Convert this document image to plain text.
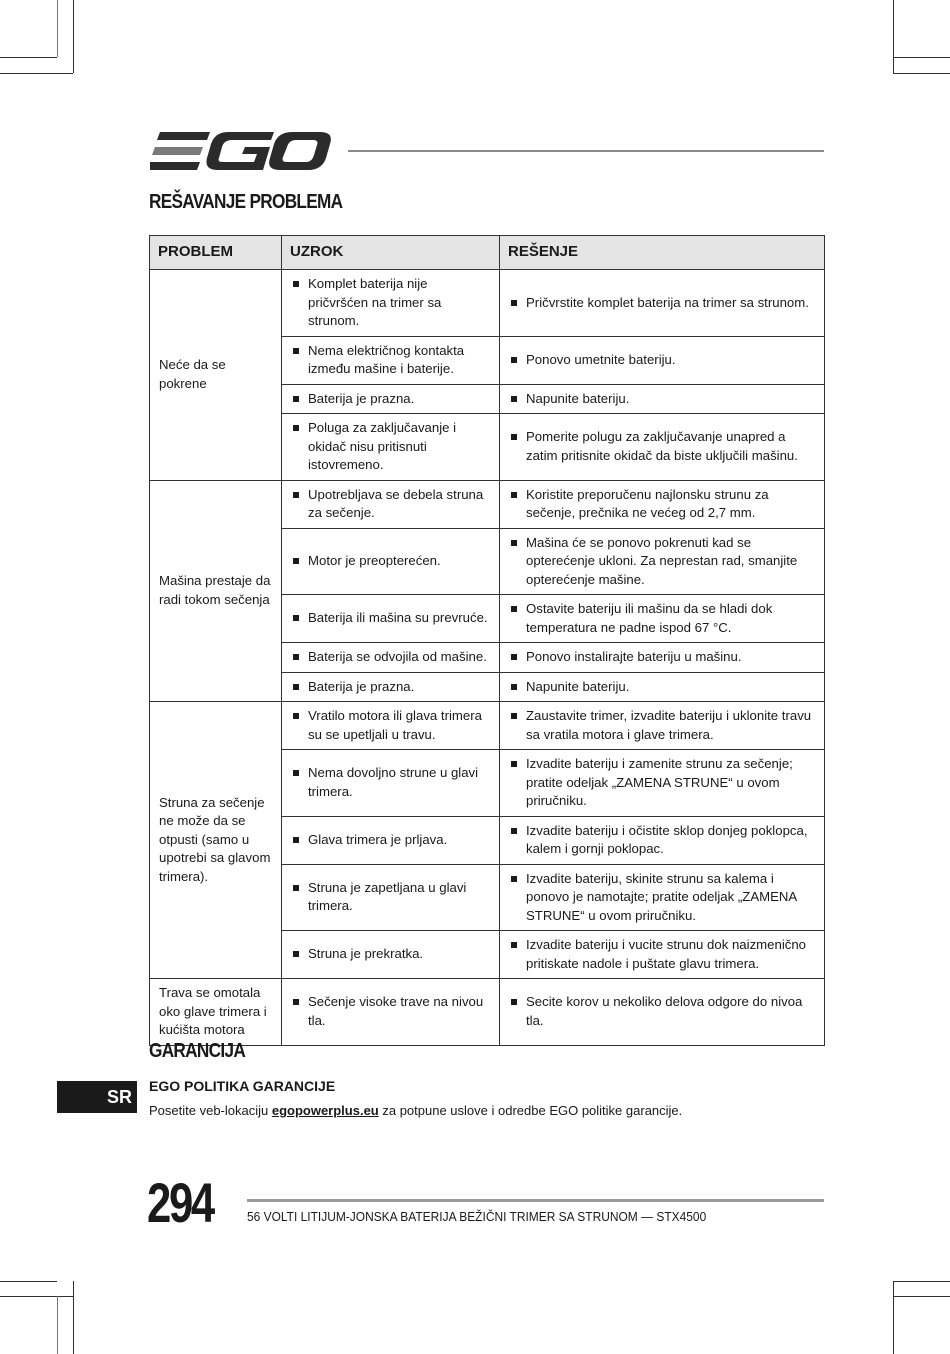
REŠAVANJE PROBLEMA
PROBLEM	UZROK	REŠENJE
Neće da se pokrene	Komplet baterija nije pričvršćen na trimer sa strunom.	Pričvrstite komplet baterija na trimer sa strunom.

	Nema električnog kontakta između mašine i baterije.	Ponovo umetnite bateriju.

	Baterija je prazna.	Napunite bateriju.

	Poluga za zaključavanje i okidač nisu pritisnuti istovremeno.	Pomerite polugu za zaključavanje unapred a zatim pritisnite okidač da biste uključili mašinu.

Mašina prestaje da radi tokom sečenja	Upotrebljava se debela struna za sečenje.	Koristite preporučenu najlonsku strunu za sečenje, prečnika ne većeg od 2,7 mm.

	Motor je preopterećen.	Mašina će se ponovo pokrenuti kad se opterećenje ukloni. Za neprestan rad, smanjite opterećenje mašine.

	Baterija ili mašina su prevruće.	Ostavite bateriju ili mašinu da se hladi dok temperatura ne padne ispod 67 °C.

	Baterija se odvojila od mašine.	Ponovo instalirajte bateriju u mašinu.

	Baterija je prazna.	Napunite bateriju.

Struna za sečenje ne može da se otpusti (samo u upotrebi sa glavom trimera).	Vratilo motora ili glava trimera su se upetljali u travu.	Zaustavite trimer, izvadite bateriju i uklonite travu sa vratila motora i glave trimera.

	Nema dovoljno strune u glavi trimera.	Izvadite bateriju i zamenite strunu za sečenje; pratite odeljak „ZAMENA STRUNE“ u ovom priručniku.

	Glava trimera je prljava.	Izvadite bateriju i očistite sklop donjeg poklopca, kalem i gornji poklopac.

	Struna je zapetljana u glavi trimera.	Izvadite bateriju, skinite strunu sa kalema i ponovo je namotajte; pratite odeljak „ZAMENA STRUNE“ u ovom priručniku.

	Struna je prekratka.	Izvadite bateriju i vucite strunu dok naizmenično pritiskate nadole i puštate glavu trimera.

Trava se omotala oko glave trimera i kućišta motora	Sečenje visoke trave na nivou tla.	Secite korov u nekoliko delova odgore do nivoa tla.
GARANCIJA
SR
EGO POLITIKA GARANCIJE
Posetite veb-lokaciju egopowerplus.eu za potpune uslove i odredbe EGO politike garancije.
294	56 VOLTI LITIJUM-JONSKA BATERIJA BEŽIČNI TRIMER SA STRUNOM — STX4500
